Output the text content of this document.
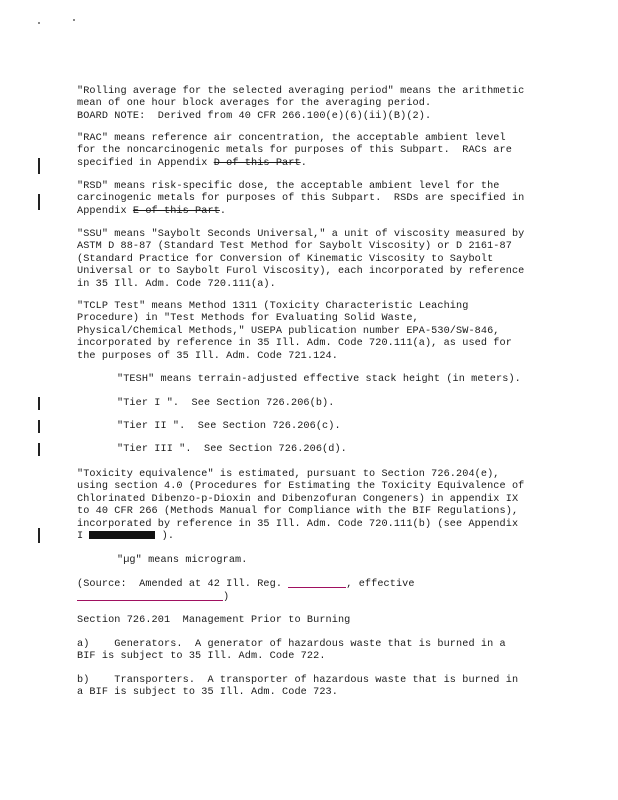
"Rolling average for the selected averaging period" means the arithmetic
mean of one hour block averages for the averaging period.
BOARD NOTE:  Derived from 40 CFR 266.100(e)(6)(ii)(B)(2).
"RAC" means reference air concentration, the acceptable ambient level
for the noncarcinogenic metals for purposes of this Subpart.  RACs are
specified in Appendix D of this Part.
"RSD" means risk-specific dose, the acceptable ambient level for the
carcinogenic metals for purposes of this Subpart.  RSDs are specified in
Appendix E of this Part.
"SSU" means "Saybolt Seconds Universal," a unit of viscosity measured by
ASTM D 88-87 (Standard Test Method for Saybolt Viscosity) or D 2161-87
(Standard Practice for Conversion of Kinematic Viscosity to Saybolt
Universal or to Saybolt Furol Viscosity), each incorporated by reference
in 35 Ill. Adm. Code 720.111(a).
"TCLP Test" means Method 1311 (Toxicity Characteristic Leaching
Procedure) in "Test Methods for Evaluating Solid Waste,
Physical/Chemical Methods," USEPA publication number EPA-530/SW-846,
incorporated by reference in 35 Ill. Adm. Code 720.111(a), as used for
the purposes of 35 Ill. Adm. Code 721.124.
"TESH" means terrain-adjusted effective stack height (in meters).
"Tier I ".  See Section 726.206(b).
"Tier II ".  See Section 726.206(c).
"Tier III ".  See Section 726.206(d).
"Toxicity equivalence" is estimated, pursuant to Section 726.204(e),
using section 4.0 (Procedures for Estimating the Toxicity Equivalence of
Chlorinated Dibenzo-p-Dioxin and Dibenzofuran Congeners) in appendix IX
to 40 CFR 266 (Methods Manual for Compliance with the BIF Regulations),
incorporated by reference in 35 Ill. Adm. Code 720.111(b) (see Appendix
I	).
"µg" means microgram.
(Source:  Amended at 42 Ill. Reg.	, effective
)
Section 726.201  Management Prior to Burning
a)    Generators.  A generator of hazardous waste that is burned in a
BIF is subject to 35 Ill. Adm. Code 722.
b)    Transporters.  A transporter of hazardous waste that is burned in
a BIF is subject to 35 Ill. Adm. Code 723.
